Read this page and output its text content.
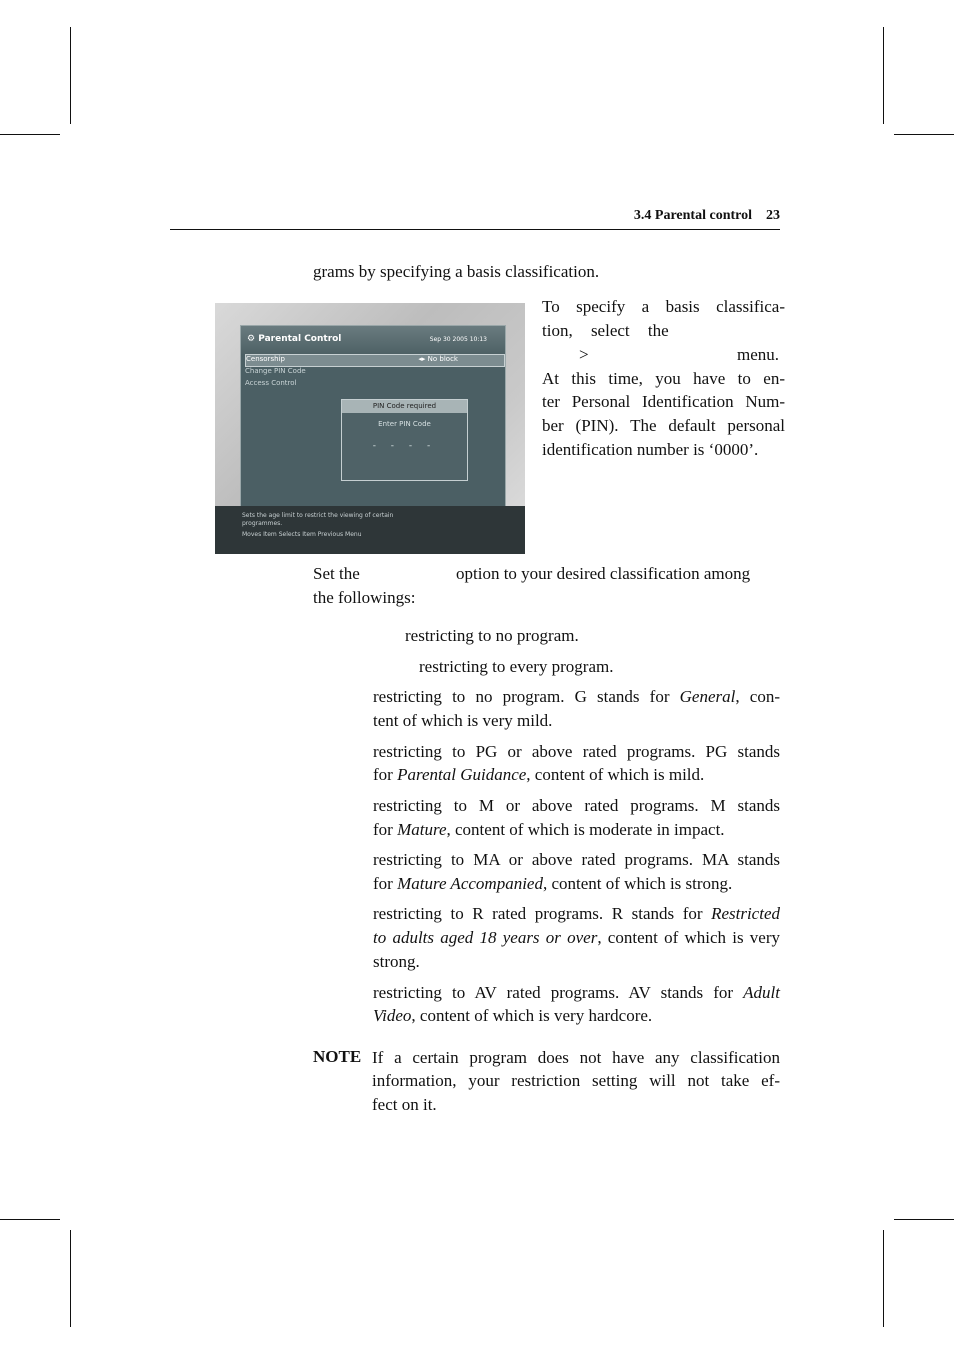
3.4 Parental control 23
grams by specifying a basis classification.
⚙ Parental Control	Sep 30 2005 10:13
Censorship	◂▸ No block
Change PIN Code
Access Control
PIN Code required
Enter PIN Code
- - - -
Sets the age limit to restrict the viewing of certain programmes.
Moves Item Selects Item Previous Menu
To specify a basis classifica-
tion, select the
>	menu.
At this time, you have to en-
ter Personal Identification Num-
ber (PIN). The default personal
identification number is ‘0000’.
Set the	option to your desired classification among
the followings:
restricting to no program.
restricting to every program.
restricting to no program. G stands for General, con-
tent of which is very mild.
restricting to PG or above rated programs. PG stands
for Parental Guidance, content of which is mild.
restricting to M or above rated programs. M stands
for Mature, content of which is moderate in impact.
restricting to MA or above rated programs. MA stands
for Mature Accompanied, content of which is strong.
restricting to R rated programs. R stands for Restricted
to adults aged 18 years or over, content of which is very
strong.
restricting to AV rated programs. AV stands for Adult
Video, content of which is very hardcore.
NOTE If a certain program does not have any classification
information, your restriction setting will not take ef-
fect on it.
